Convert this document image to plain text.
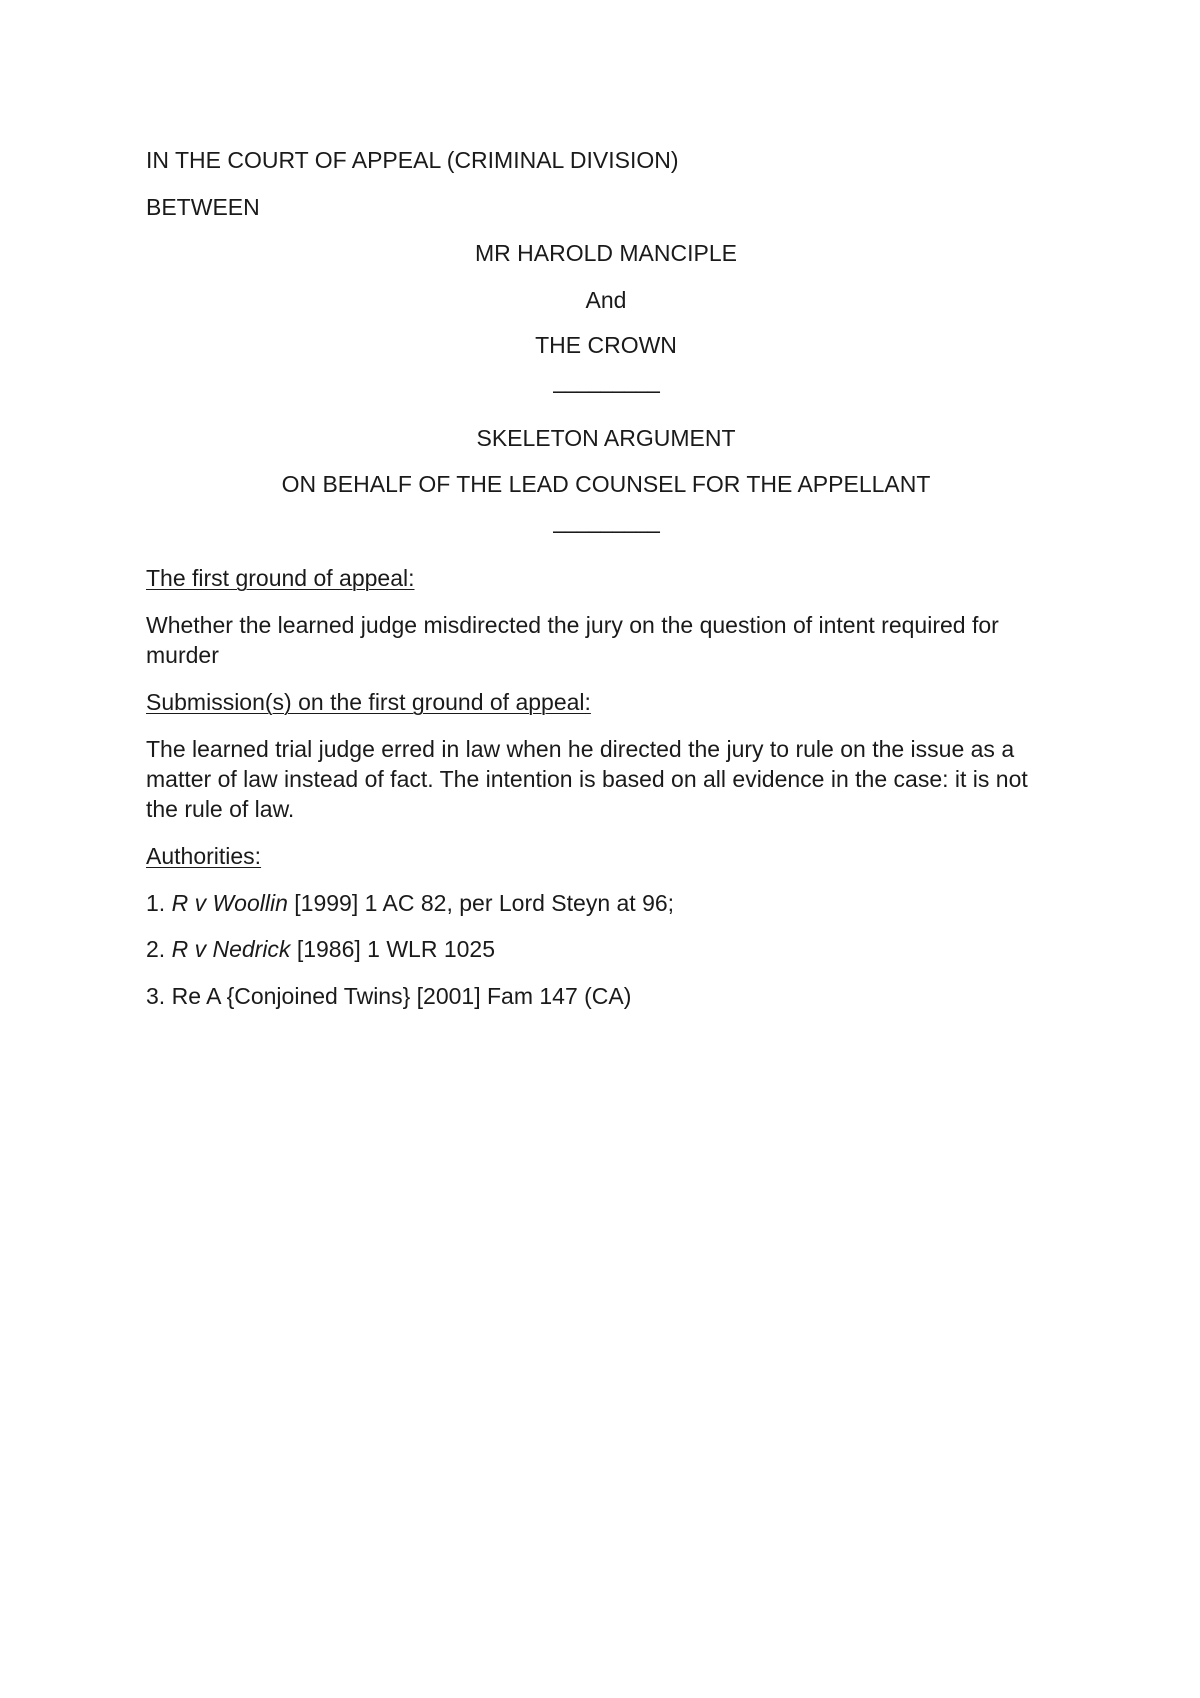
IN THE COURT OF APPEAL (CRIMINAL DIVISION)

BETWEEN

MR HAROLD MANCIPLE

And

THE CROWN

–––––––––

SKELETON ARGUMENT

ON BEHALF OF THE LEAD COUNSEL FOR THE APPELLANT

–––––––––

The first ground of appeal:

Whether the learned judge misdirected the jury on the question of intent required for murder

Submission(s) on the first ground of appeal:

The learned trial judge erred in law when he directed the jury to rule on the issue as a matter of law instead of fact. The intention is based on all evidence in the case: it is not the rule of law.

Authorities:

1. R v Woollin [1999] 1 AC 82, per Lord Steyn at 96;

2. R v Nedrick [1986] 1 WLR 1025

3. Re A {Conjoined Twins} [2001] Fam 147 (CA)
